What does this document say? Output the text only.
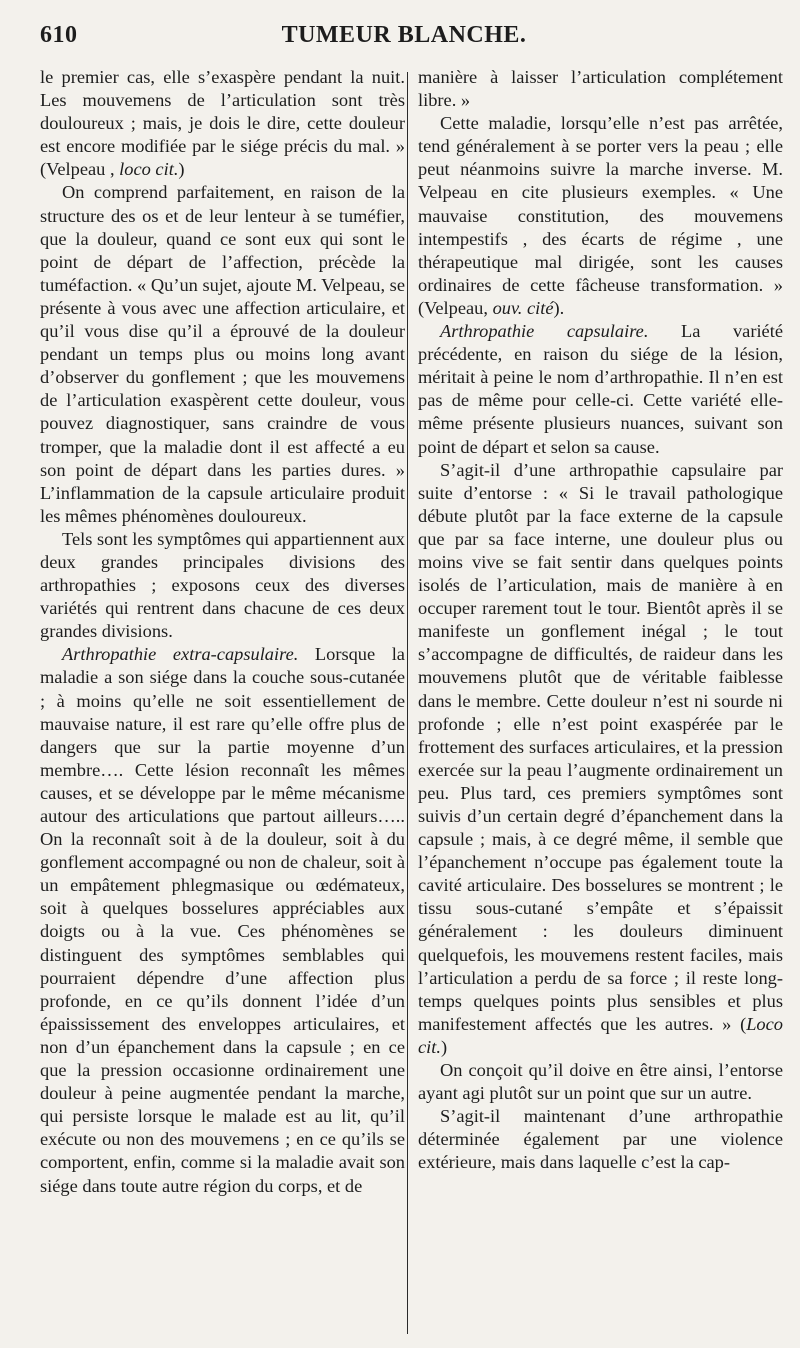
610	TUMEUR BLANCHE.

le premier cas, elle s’exaspère pendant la nuit. Les mouvemens de l’articulation sont très douloureux ; mais, je dois le dire, cette douleur est encore modifiée par le siége précis du mal. » (Velpeau , loco cit.)

On comprend parfaitement, en raison de la structure des os et de leur lenteur à se tuméfier, que la douleur, quand ce sont eux qui sont le point de départ de l’affection, précède la tuméfaction. « Qu’un sujet, ajoute M. Velpeau, se présente à vous avec une affection articulaire, et qu’il vous dise qu’il a éprouvé de la douleur pendant un temps plus ou moins long avant d’observer du gonflement ; que les mouvemens de l’articulation exaspèrent cette douleur, vous pouvez diagnostiquer, sans craindre de vous tromper, que la maladie dont il est affecté a eu son point de départ dans les parties dures. » L’inflammation de la capsule articulaire produit les mêmes phénomènes douloureux.

Tels sont les symptômes qui appartiennent aux deux grandes principales divisions des arthropathies ; exposons ceux des diverses variétés qui rentrent dans chacune de ces deux grandes divisions.

Arthropathie extra-capsulaire. Lorsque la maladie a son siége dans la couche sous-cutanée ; à moins qu’elle ne soit essentiellement de mauvaise nature, il est rare qu’elle offre plus de dangers que sur la partie moyenne d’un membre…. Cette lésion reconnaît les mêmes causes, et se développe par le même mécanisme autour des articulations que partout ailleurs….. On la reconnaît soit à de la douleur, soit à du gonflement accompagné ou non de chaleur, soit à un empâtement phlegmasique ou œdémateux, soit à quelques bosselures appréciables aux doigts ou à la vue. Ces phénomènes se distinguent des symptômes semblables qui pourraient dépendre d’une affection plus profonde, en ce qu’ils donnent l’idée d’un épaississement des enveloppes articulaires, et non d’un épanchement dans la capsule ; en ce que la pression occasionne ordinairement une douleur à peine augmentée pendant la marche, qui persiste lorsque le malade est au lit, qu’il exécute ou non des mouvemens ; en ce qu’ils se comportent, enfin, comme si la maladie avait son siége dans toute autre région du corps, et de

manière à laisser l’articulation complétement libre. »

Cette maladie, lorsqu’elle n’est pas arrêtée, tend généralement à se porter vers la peau ; elle peut néanmoins suivre la marche inverse. M. Velpeau en cite plusieurs exemples. « Une mauvaise constitution, des mouvemens intempestifs , des écarts de régime , une thérapeutique mal dirigée, sont les causes ordinaires de cette fâcheuse transformation. » (Velpeau, ouv. cité).

Arthropathie capsulaire. La variété précédente, en raison du siége de la lésion, méritait à peine le nom d’arthropathie. Il n’en est pas de même pour celle-ci. Cette variété elle-même présente plusieurs nuances, suivant son point de départ et selon sa cause.

S’agit-il d’une arthropathie capsulaire par suite d’entorse : « Si le travail pathologique débute plutôt par la face externe de la capsule que par sa face interne, une douleur plus ou moins vive se fait sentir dans quelques points isolés de l’articulation, mais de manière à en occuper rarement tout le tour. Bientôt après il se manifeste un gonflement inégal ; le tout s’accompagne de difficultés, de raideur dans les mouvemens plutôt que de véritable faiblesse dans le membre. Cette douleur n’est ni sourde ni profonde ; elle n’est point exaspérée par le frottement des surfaces articulaires, et la pression exercée sur la peau l’augmente ordinairement un peu. Plus tard, ces premiers symptômes sont suivis d’un certain degré d’épanchement dans la capsule ; mais, à ce degré même, il semble que l’épanchement n’occupe pas également toute la cavité articulaire. Des bosselures se montrent ; le tissu sous-cutané s’empâte et s’épaissit généralement : les douleurs diminuent quelquefois, les mouvemens restent faciles, mais l’articulation a perdu de sa force ; il reste long-temps quelques points plus sensibles et plus manifestement affectés que les autres. » (Loco cit.)

On conçoit qu’il doive en être ainsi, l’entorse ayant agi plutôt sur un point que sur un autre.

S’agit-il maintenant d’une arthropathie déterminée également par une violence extérieure, mais dans laquelle c’est la cap-
